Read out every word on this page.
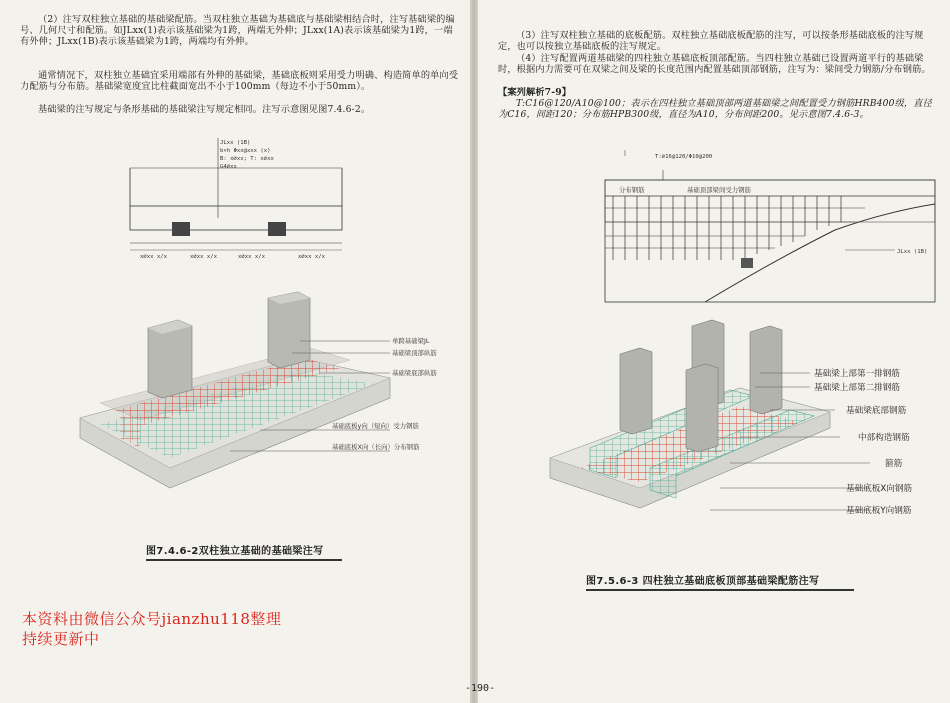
（2）注写双柱独立基础的基础梁配筋。当双柱独立基础为基础底与基础梁相结合时，注写基础梁的编号、几何尺寸和配筋。如JLxx(1)表示该基础梁为1跨，两端无外伸；JLxx(1A)表示该基础梁为1跨，一端有外伸；JLxx(1B)表示该基础梁为1跨，两端均有外伸。

通常情况下，双柱独立基础宜采用端部有外伸的基础梁，基础底板则采用受力明确、构造简单的单向受力配筋与分布筋。基础梁宽度宜比柱截面宽出不小于100mm（每边不小于50mm）。

基础梁的注写规定与条形基础的基础梁注写规定相同。注写示意图见图7.4.6-2。

JLxx (1B)
b×h Φxx@xxx (x)
B: x⌀xx; T: x⌀xx
G4⌀xx
x⌀xx x/x	x⌀xx x/x	x⌀xx x/x	x⌀xx x/x
单跨基础梁JL
基础梁顶部纵筋
基础梁底部纵筋
基础底板y向（短向）受力钢筋
基础底板X向（长向）分布钢筋
图7.4.6-2双柱独立基础的基础梁注写
本资料由微信公众号jianzhu118整理
持续更新中

（3）注写双柱独立基础的底板配筋。双柱独立基础底板配筋的注写，可以按条形基础底板的注写规定，也可以按独立基础底板的注写规定。

（4）注写配置两道基础梁的四柱独立基础底板顶部配筋。当四柱独立基础已设置两道平行的基础梁时，根据内力需要可在双梁之间及梁的长度范围内配置基础顶部钢筋，注写为：梁间受力钢筋/分布钢筋。

【案列解析7-9】

T:C16@120/A10@100；表示在四柱独立基础顶部两道基础梁之间配置受力钢筋HRB400级，直径为C16，间距120；分布筋HPB300级，直径为A10，分布间距200。见示意图7.4.6-3。

T:⌀16@120/Φ10@200
分布钢筋	基础顶部梁间受力钢筋
JLxx (1B)
基础梁上部第一排钢筋
基础梁上部第二排钢筋
基础梁底部钢筋
中部构造钢筋
箍筋
基础底板X向钢筋
基础底板Y向钢筋
图7.5.6-3 四柱独立基础底板顶部基础梁配筋注写
-190-
